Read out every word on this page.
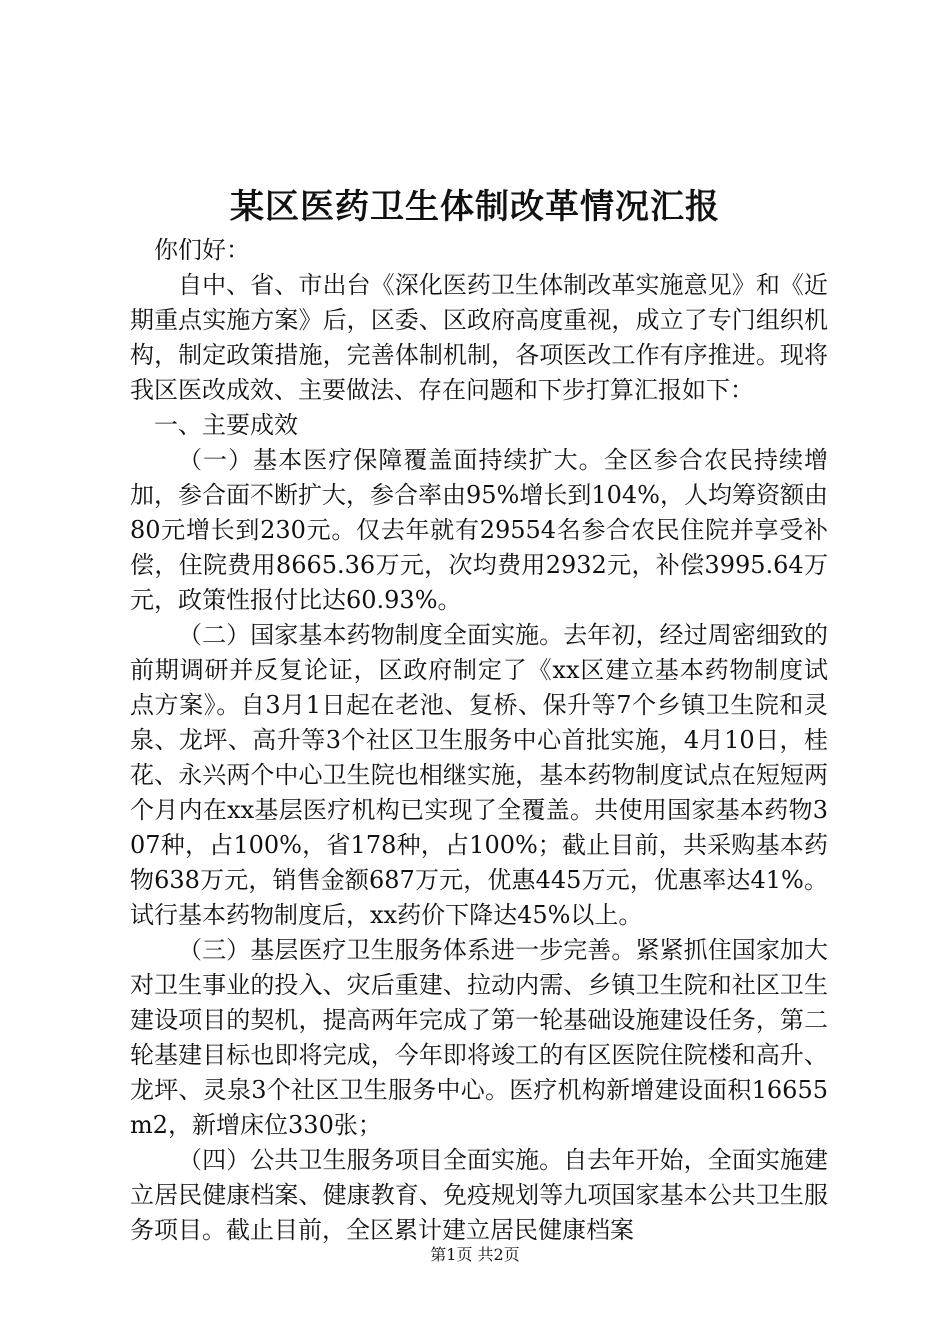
某区医药卫生体制改革情况汇报

你们好：

自中、省、市出台《深化医药卫生体制改革实施意见》和《近期重点实施方案》后，区委、区政府高度重视，成立了专门组织机构，制定政策措施，完善体制机制，各项医改工作有序推进。现将我区医改成效、主要做法、存在问题和下步打算汇报如下：

一、主要成效

（一）基本医疗保障覆盖面持续扩大。全区参合农民持续增加，参合面不断扩大，参合率由95%增长到104%，人均筹资额由80元增长到230元。仅去年就有29554名参合农民住院并享受补偿，住院费用8665.36万元，次均费用2932元，补偿3995.64万元，政策性报付比达60.93%。

（二）国家基本药物制度全面实施。去年初，经过周密细致的前期调研并反复论证，区政府制定了《xx区建立基本药物制度试点方案》。自3月1日起在老池、复桥、保升等7个乡镇卫生院和灵泉、龙坪、高升等3个社区卫生服务中心首批实施，4月10日，桂花、永兴两个中心卫生院也相继实施，基本药物制度试点在短短两个月内在xx基层医疗机构已实现了全覆盖。共使用国家基本药物307种，占100%，省178种，占100%；截止目前，共采购基本药物638万元，销售金额687万元，优惠445万元，优惠率达41%。试行基本药物制度后，xx药价下降达45%以上。

（三）基层医疗卫生服务体系进一步完善。紧紧抓住国家加大对卫生事业的投入、灾后重建、拉动内需、乡镇卫生院和社区卫生建设项目的契机，提高两年完成了第一轮基础设施建设任务，第二轮基建目标也即将完成，今年即将竣工的有区医院住院楼和高升、龙坪、灵泉3个社区卫生服务中心。医疗机构新增建设面积16655m2，新增床位330张；

（四）公共卫生服务项目全面实施。自去年开始，全面实施建立居民健康档案、健康教育、免疫规划等九项国家基本公共卫生服务项目。截止目前，全区累计建立居民健康档案

第1页 共2页
